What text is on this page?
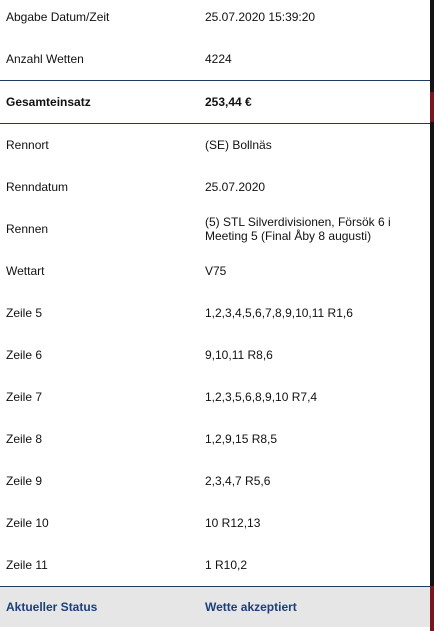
Abgabe Datum/Zeit	25.07.2020 15:39:20
Anzahl Wetten	4224
Gesamteinsatz	253,44 €
Rennort	(SE) Bollnäs
Renndatum	25.07.2020
Rennen	(5) STL Silverdivisionen, Försök 6 i Meeting 5 (Final Åby 8 augusti)
Wettart	V75
Zeile 5	1,2,3,4,5,6,7,8,9,10,11 R1,6
Zeile 6	9,10,11 R8,6
Zeile 7	1,2,3,5,6,8,9,10 R7,4
Zeile 8	1,2,9,15 R8,5
Zeile 9	2,3,4,7 R5,6
Zeile 10	10 R12,13
Zeile 11	1 R10,2
Aktueller Status	Wette akzeptiert
